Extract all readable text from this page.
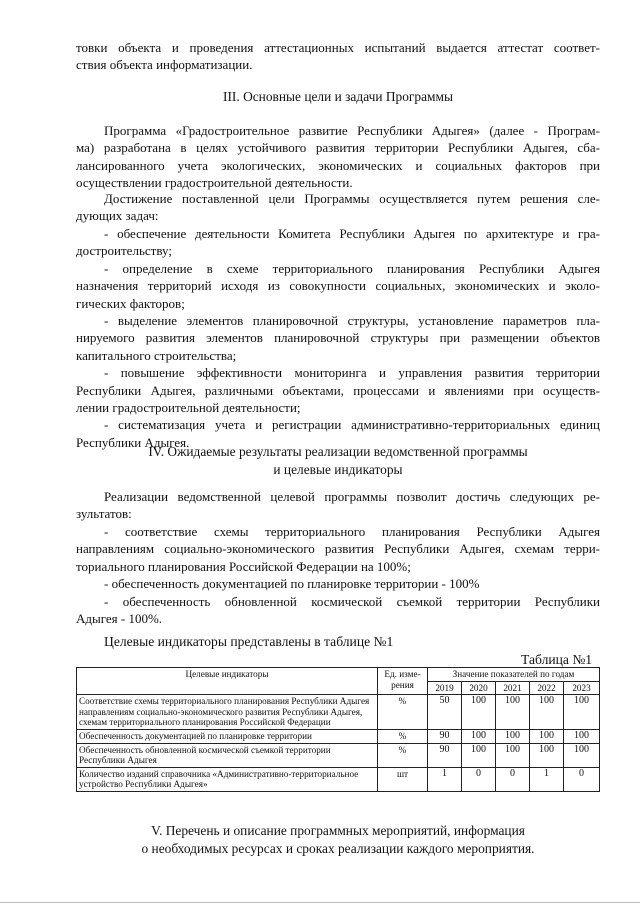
товки объекта и проведения аттестационных испытаний выдается аттестат соответ-
ствия объекта информатизации.
III. Основные цели и задачи Программы
Программа «Градостроительное развитие Республики Адыгея» (далее - Програм-
ма) разработана в целях устойчивого развития территории Республики Адыгея, сба-
лансированного учета экологических, экономических и социальных факторов при
осуществлении градостроительной деятельности.
Достижение поставленной цели Программы осуществляется путем решения сле-
дующих задач:
- обеспечение деятельности Комитета Республики Адыгея по архитектуре и гра-
достроительству;
- определение в схеме территориального планирования Республики Адыгея
назначения территорий исходя из совокупности социальных, экономических и эколо-
гических факторов;
- выделение элементов планировочной структуры, установление параметров пла-
нируемого развития элементов планировочной структуры при размещении объектов
капитального строительства;
- повышение эффективности мониторинга и управления развития территории
Республики Адыгея, различными объектами, процессами и явлениями при осуществ-
лении градостроительной деятельности;
- систематизация учета и регистрации административно-территориальных единиц
Республики Адыгея.
IV. Ожидаемые результаты реализации ведомственной программы
и целевые индикаторы
Реализации ведомственной целевой программы позволит достичь следующих ре-
зультатов:
- соответствие схемы территориального планирования Республики Адыгея
направлениям социально-экономического развития Республики Адыгея, схемам терри-
ториального планирования Российской Федерации на 100%;
- обеспеченность документацией по планировке территории - 100%
- обеспеченность обновленной космической съемкой территории Республики
Адыгея - 100%.
Целевые индикаторы представлены в таблице №1
Таблица №1
Целевые индикаторы	Ед. изме-рения	Значение показателей по годам				
		2019	2020	2021	2022	2023
Соответствие схемы территориального планирования Республики Адыгея направлениям социально-экономического развития Республики Адыгея, схемам территориального планирования Российской Федерации	%	50	100	100	100	100
Обеспеченность документацией по планировке территории	%	90	100	100	100	100
Обеспеченность обновленной космической съемкой территории Республики Адыгея	%	90	100	100	100	100
Количество изданий справочника «Административно-территориальное устройство Республики Адыгея»	шт	1	0	0	1	0
V. Перечень и описание программных мероприятий, информация
о необходимых ресурсах и сроках реализации каждого мероприятия.
